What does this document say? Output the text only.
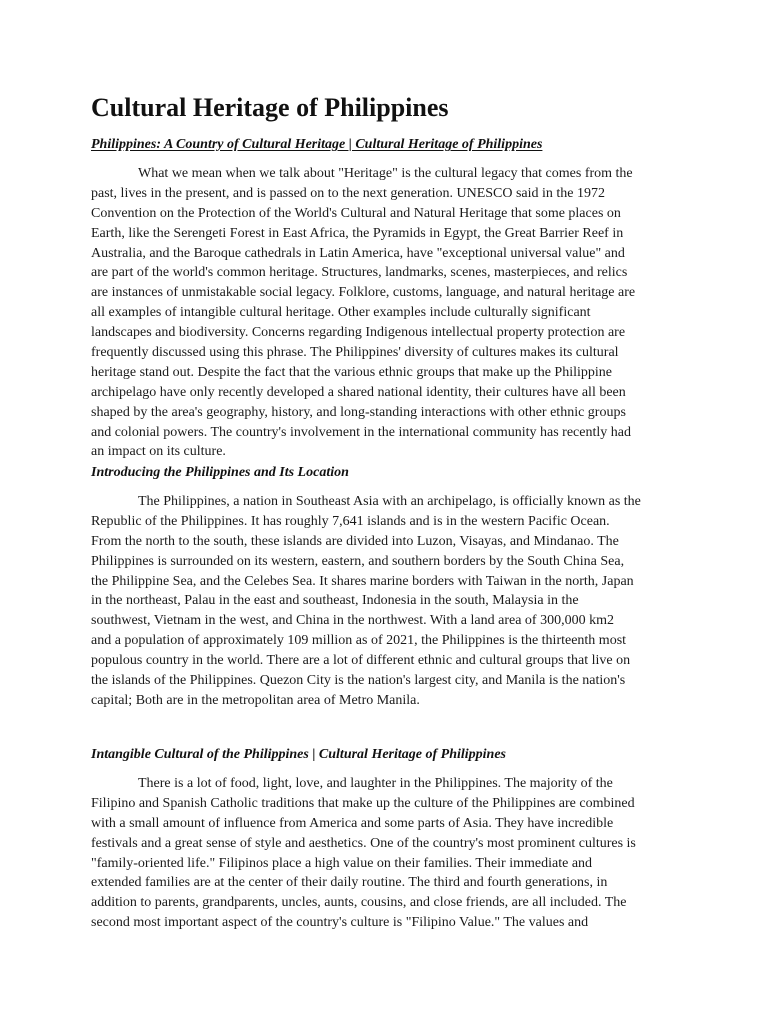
Cultural Heritage of Philippines
Philippines: A Country of Cultural Heritage | Cultural Heritage of Philippines
What we mean when we talk about "Heritage" is the cultural legacy that comes from the
past, lives in the present, and is passed on to the next generation. UNESCO said in the 1972
Convention on the Protection of the World's Cultural and Natural Heritage that some places on
Earth, like the Serengeti Forest in East Africa, the Pyramids in Egypt, the Great Barrier Reef in
Australia, and the Baroque cathedrals in Latin America, have "exceptional universal value" and
are part of the world's common heritage. Structures, landmarks, scenes, masterpieces, and relics
are instances of unmistakable social legacy. Folklore, customs, language, and natural heritage are
all examples of intangible cultural heritage. Other examples include culturally significant
landscapes and biodiversity. Concerns regarding Indigenous intellectual property protection are
frequently discussed using this phrase. The Philippines' diversity of cultures makes its cultural
heritage stand out. Despite the fact that the various ethnic groups that make up the Philippine
archipelago have only recently developed a shared national identity, their cultures have all been
shaped by the area's geography, history, and long-standing interactions with other ethnic groups
and colonial powers. The country's involvement in the international community has recently had
an impact on its culture.
Introducing the Philippines and Its Location
The Philippines, a nation in Southeast Asia with an archipelago, is officially known as the
Republic of the Philippines. It has roughly 7,641 islands and is in the western Pacific Ocean.
From the north to the south, these islands are divided into Luzon, Visayas, and Mindanao. The
Philippines is surrounded on its western, eastern, and southern borders by the South China Sea,
the Philippine Sea, and the Celebes Sea. It shares marine borders with Taiwan in the north, Japan
in the northeast, Palau in the east and southeast, Indonesia in the south, Malaysia in the
southwest, Vietnam in the west, and China in the northwest. With a land area of 300,000 km2
and a population of approximately 109 million as of 2021, the Philippines is the thirteenth most
populous country in the world. There are a lot of different ethnic and cultural groups that live on
the islands of the Philippines. Quezon City is the nation's largest city, and Manila is the nation's
capital; Both are in the metropolitan area of Metro Manila.
Intangible Cultural of the Philippines | Cultural Heritage of Philippines
There is a lot of food, light, love, and laughter in the Philippines. The majority of the
Filipino and Spanish Catholic traditions that make up the culture of the Philippines are combined
with a small amount of influence from America and some parts of Asia. They have incredible
festivals and a great sense of style and aesthetics. One of the country's most prominent cultures is
"family-oriented life." Filipinos place a high value on their families. Their immediate and
extended families are at the center of their daily routine. The third and fourth generations, in
addition to parents, grandparents, uncles, aunts, cousins, and close friends, are all included. The
second most important aspect of the country's culture is "Filipino Value." The values and
